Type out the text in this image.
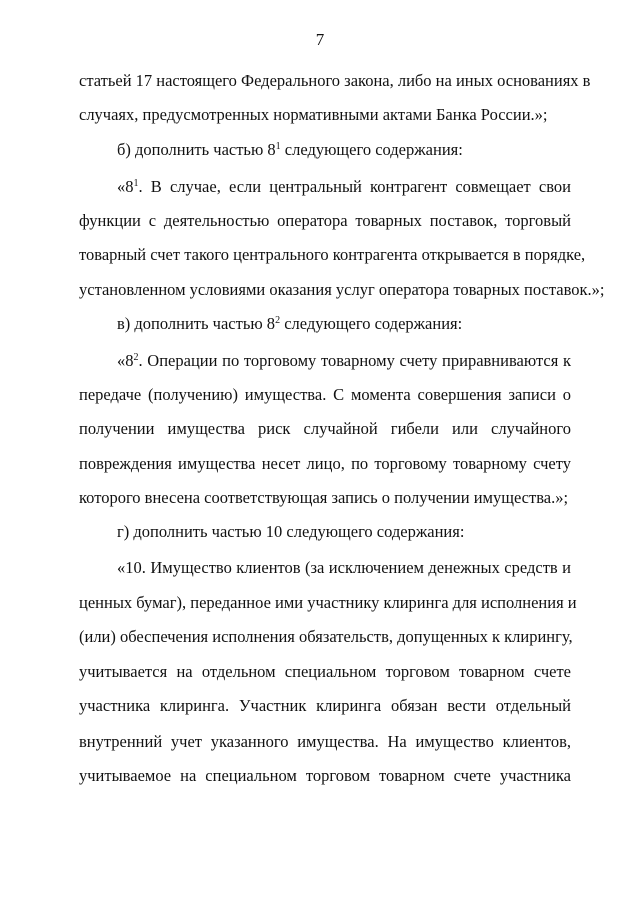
7
статьей 17 настоящего Федерального закона, либо на иных основаниях в
случаях, предусмотренных нормативными актами Банка России.»;
б) дополнить частью $8^1$ следующего содержания:
«$8^1$ . В случае, если центральный контрагент совмещает свои
функции с деятельностью оператора товарных поставок, торговый
товарный счет такого центрального контрагента открывается в порядке,
установленном условиями оказания услуг оператора товарных поставок.»;
в) дополнить частью $8^2$ следующего содержания:
«$8^2$ . Операции по торговому товарному счету приравниваются к
передаче (получению) имущества. С момента совершения записи о
получении имущества риск случайной гибели или случайного
повреждения имущества несет лицо, по торговому товарному счету
которого внесена соответствующая запись о получении имущества.»;
г) дополнить частью 10 следующего содержания:
«10. Имущество клиентов (за исключением денежных средств и
ценных бумаг), переданное ими участнику клиринга для исполнения и
(или) обеспечения исполнения обязательств, допущенных к клирингу,
учитывается на отдельном специальном торговом товарном счете
участника клиринга. Участник клиринга обязан вести отдельный
внутренний учет указанного имущества. На имущество клиентов,
учитываемое на специальном торговом товарном счете участника
